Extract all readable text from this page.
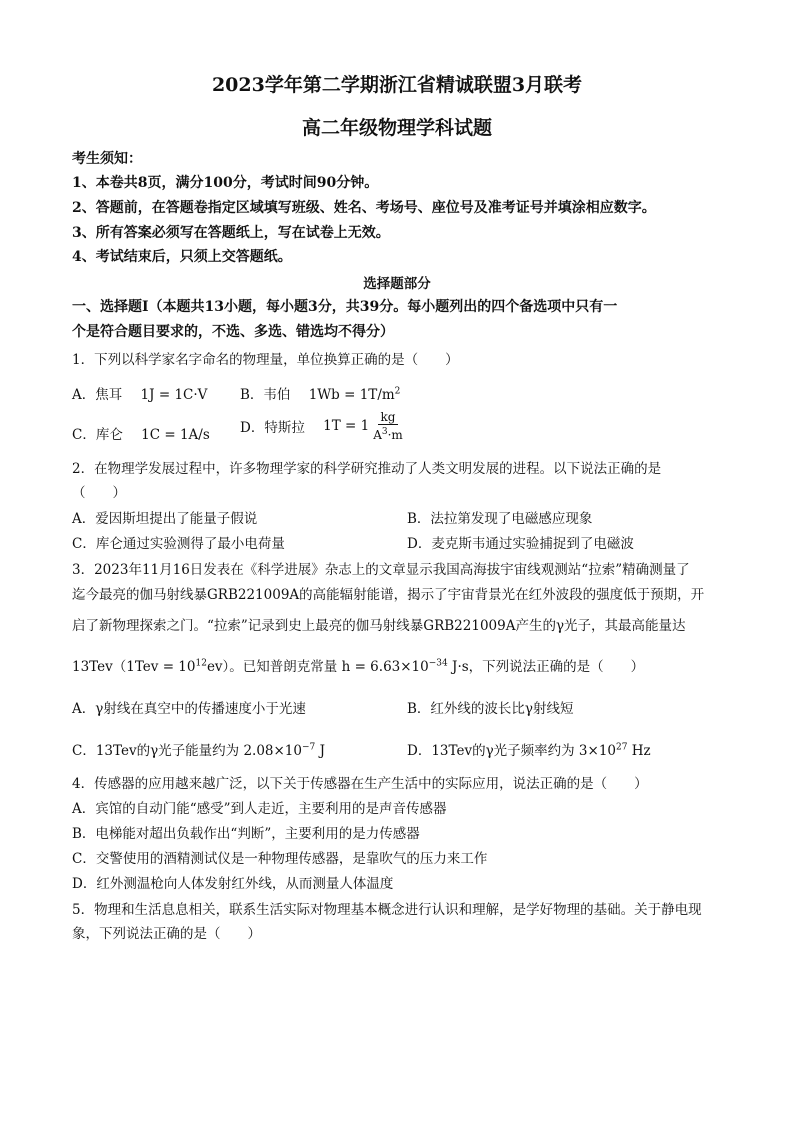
2023学年第二学期浙江省精诚联盟3月联考
高二年级物理学科试题
考生须知：
1、本卷共8页，满分100分，考试时间90分钟。
2、答题前，在答题卷指定区域填写班级、姓名、考场号、座位号及准考证号并填涂相应数字。
3、所有答案必须写在答题纸上，写在试卷上无效。
4、考试结束后，只须上交答题纸。
选择题部分
一、选择题Ⅰ（本题共13小题，每小题3分，共39分。每小题列出的四个备选项中只有一
个是符合题目要求的，不选、多选、错选均不得分）
1．下列以科学家名字命名的物理量，单位换算正确的是（　　）
A．焦耳 1J = 1C·V B．韦伯 $1Wb = 1T/m^2$
C．库仑 1C = 1A/s D．特斯拉 $1T = 1 \frac{kg}{A^3\cdot m}$
2．在物理学发展过程中，许多物理学家的科学研究推动了人类文明发展的进程。以下说法正确的是
（　　）
A．爱因斯坦提出了能量子假说	B．法拉第发现了电磁感应现象
C．库仑通过实验测得了最小电荷量	D．麦克斯韦通过实验捕捉到了电磁波
3．2023年11月16日发表在《科学进展》杂志上的文章显示我国高海拔宇宙线观测站“拉索”精确测量了
迄今最亮的伽马射线暴GRB221009A的高能辐射能谱，揭示了宇宙背景光在红外波段的强度低于预期，开
启了新物理探索之门。“拉索”记录到史上最亮的伽马射线暴GRB221009A产生的γ光子，其最高能量达
$13Tev(1Tev = 10^{12}ev)$。已知普朗克常量 $h = 6.63\times 10^{-34}$ J·s，下列说法正确的是（　　）
A．γ射线在真空中的传播速度小于光速	B．红外线的波长比γ射线短
C．13Tev的γ光子能量约为 $2.08\times 10^{-7}$ J	D．13Tev的γ光子频率约为 $3\times 10^{27}$ Hz
4．传感器的应用越来越广泛，以下关于传感器在生产生活中的实际应用，说法正确的是（　　）
A．宾馆的自动门能“感受”到人走近，主要利用的是声音传感器
B．电梯能对超出负载作出“判断”，主要利用的是力传感器
C．交警使用的酒精测试仪是一种物理传感器，是靠吹气的压力来工作
D．红外测温枪向人体发射红外线，从而测量人体温度
5．物理和生活息息相关，联系生活实际对物理基本概念进行认识和理解，是学好物理的基础。关于静电现
象，下列说法正确的是（　　）
